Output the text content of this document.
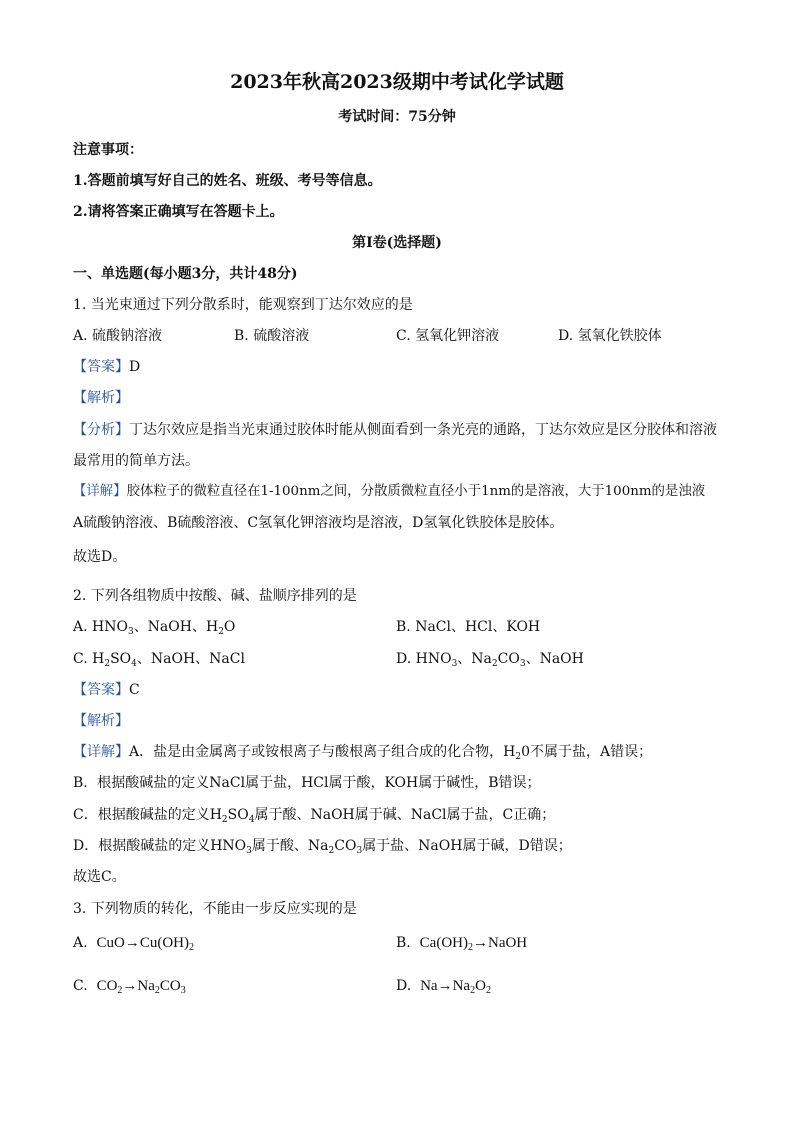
2023年秋高2023级期中考试化学试题
考试时间：75分钟
注意事项：
1.答题前填写好自己的姓名、班级、考号等信息。
2.请将答案正确填写在答题卡上。
第I卷(选择题)
一、单选题(每小题3分，共计48分)
1. 当光束通过下列分散系时，能观察到丁达尔效应的是
A. 硫酸钠溶液	B. 硫酸溶液	C. 氢氧化钾溶液	D. 氢氧化铁胶体
【答案】D
【解析】
【分析】丁达尔效应是指当光束通过胶体时能从侧面看到一条光亮的通路，丁达尔效应是区分胶体和溶液
最常用的简单方法。
【详解】胶体粒子的微粒直径在1-100nm之间，分散质微粒直径小于1nm的是溶液，大于100nm的是浊液
A硫酸钠溶液、B硫酸溶液、C氢氧化钾溶液均是溶液，D氢氧化铁胶体是胶体。
故选D。
2. 下列各组物质中按酸、碱、盐顺序排列的是
A. $HNO_3$、NaOH、$H_2O$	B. NaCl、HCl、KOH
C. $H_2SO_4$、NaOH、NaCl	D. $HNO_3$、$Na_2CO_3$、NaOH
【答案】C
【解析】
【详解】A．盐是由金属离子或铵根离子与酸根离子组合成的化合物，$H_20$不属于盐，A错误；
B．根据酸碱盐的定义NaCl属于盐，HCl属于酸，KOH属于碱性，B错误；
C．根据酸碱盐的定义$H_2SO_4$属于酸、NaOH属于碱、NaCl属于盐，C正确；
D．根据酸碱盐的定义$HNO_3$属于酸、$Na_2CO_3$属于盐、NaOH属于碱，D错误；
故选C。
3. 下列物质的转化，不能由一步反应实现的是
A. $CuO\to Cu(OH)_2$	B. $Ca(OH)_2\to NaOH$
C. $CO_2\to Na_2CO_3$	D. $Na\to Na_2O_2$
